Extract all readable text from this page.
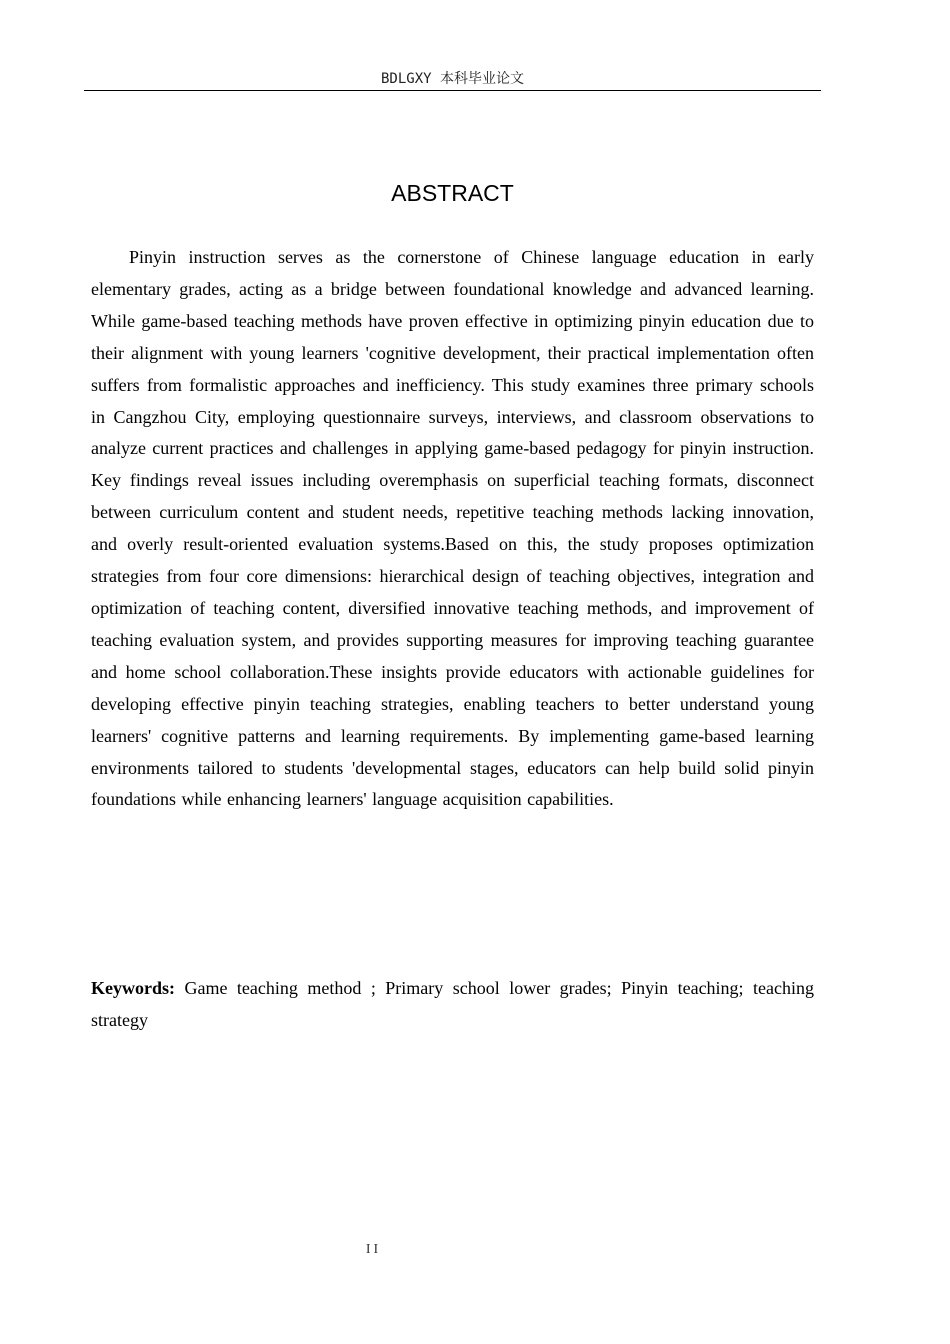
BDLGXY 本科毕业论文
ABSTRACT

Pinyin instruction serves as the cornerstone of Chinese language education in early elementary grades, acting as a bridge between foundational knowledge and advanced learning. While game-based teaching methods have proven effective in optimizing pinyin education due to their alignment with young learners 'cognitive development, their practical implementation often suffers from formalistic approaches and inefficiency. This study examines three primary schools in Cangzhou City, employing questionnaire surveys, interviews, and classroom observations to analyze current practices and challenges in applying game-based pedagogy for pinyin instruction. Key findings reveal issues including overemphasis on superficial teaching formats, disconnect between curriculum content and student needs, repetitive teaching methods lacking innovation, and overly result-oriented evaluation systems.Based on this, the study proposes optimization strategies from four core dimensions: hierarchical design of teaching objectives, integration and optimization of teaching content, diversified innovative teaching methods, and improvement of teaching evaluation system, and provides supporting measures for improving teaching guarantee and home school collaboration.These insights provide educators with actionable guidelines for developing effective pinyin teaching strategies, enabling teachers to better understand young learners' cognitive patterns and learning requirements. By implementing game-based learning environments tailored to students 'developmental stages, educators can help build solid pinyin foundations while enhancing learners' language acquisition capabilities.

Keywords: Game teaching method ; Primary school lower grades; Pinyin teaching; teaching strategy

II
